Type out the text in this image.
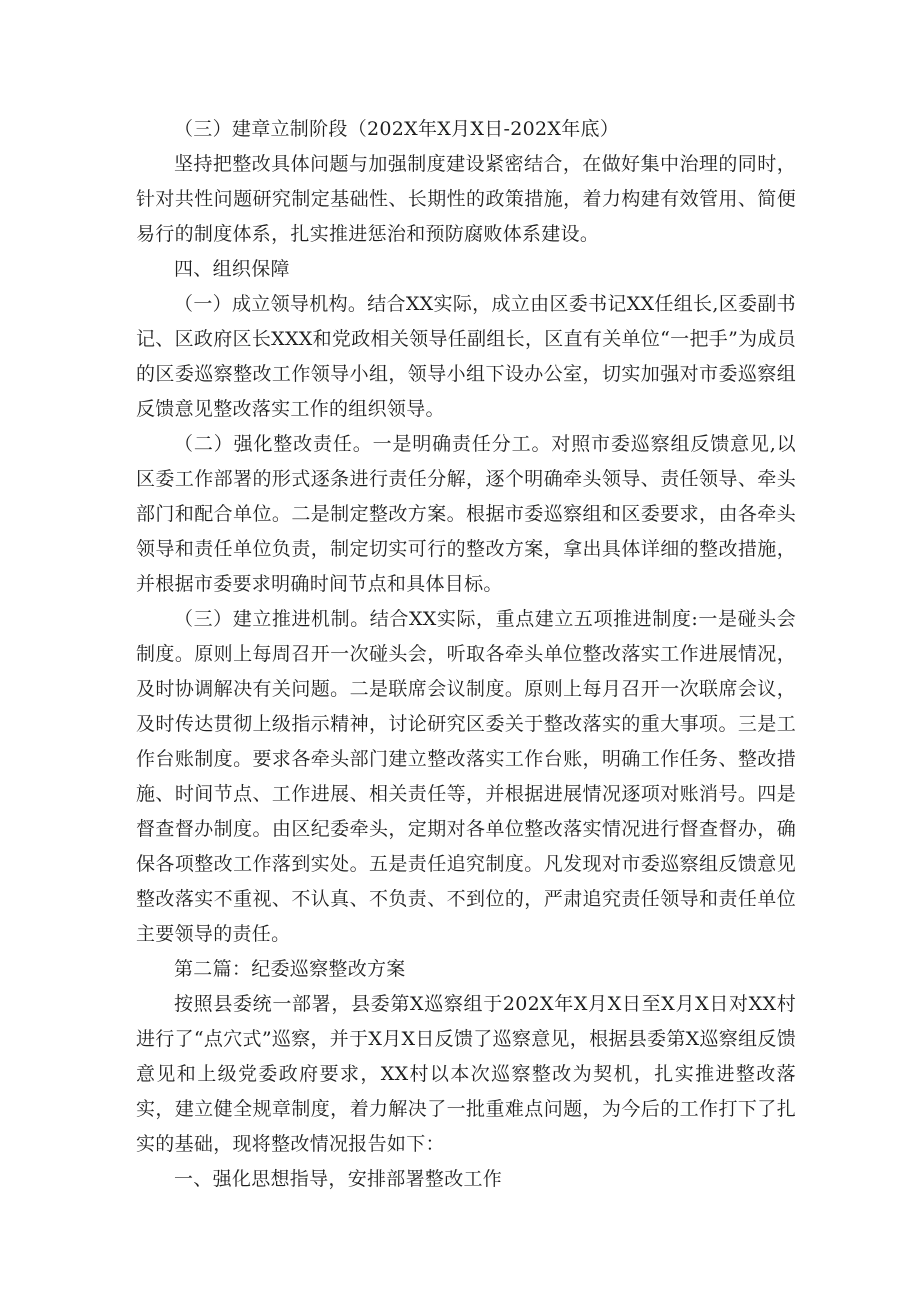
（三）建章立制阶段（202X年X月X日-202X年底）

坚持把整改具体问题与加强制度建设紧密结合，在做好集中治理的同时，针对共性问题研究制定基础性、长期性的政策措施，着力构建有效管用、简便易行的制度体系，扎实推进惩治和预防腐败体系建设。

四、组织保障

（一）成立领导机构。结合XX实际，成立由区委书记XX任组长,区委副书记、区政府区长XXX和党政相关领导任副组长，区直有关单位“一把手”为成员的区委巡察整改工作领导小组，领导小组下设办公室，切实加强对市委巡察组反馈意见整改落实工作的组织领导。

（二）强化整改责任。一是明确责任分工。对照市委巡察组反馈意见,以区委工作部署的形式逐条进行责任分解，逐个明确牵头领导、责任领导、牵头部门和配合单位。二是制定整改方案。根据市委巡察组和区委要求，由各牵头领导和责任单位负责，制定切实可行的整改方案，拿出具体详细的整改措施，并根据市委要求明确时间节点和具体目标。

（三）建立推进机制。结合XX实际，重点建立五项推进制度:一是碰头会制度。原则上每周召开一次碰头会，听取各牵头单位整改落实工作进展情况，及时协调解决有关问题。二是联席会议制度。原则上每月召开一次联席会议，及时传达贯彻上级指示精神，讨论研究区委关于整改落实的重大事项。三是工作台账制度。要求各牵头部门建立整改落实工作台账，明确工作任务、整改措施、时间节点、工作进展、相关责任等，并根据进展情况逐项对账消号。四是督查督办制度。由区纪委牵头，定期对各单位整改落实情况进行督查督办，确保各项整改工作落到实处。五是责任追究制度。凡发现对市委巡察组反馈意见整改落实不重视、不认真、不负责、不到位的，严肃追究责任领导和责任单位主要领导的责任。

第二篇：纪委巡察整改方案

按照县委统一部署，县委第X巡察组于202X年X月X日至X月X日对XX村进行了“点穴式”巡察，并于X月X日反馈了巡察意见，根据县委第X巡察组反馈意见和上级党委政府要求，XX村以本次巡察整改为契机，扎实推进整改落实，建立健全规章制度，着力解决了一批重难点问题，为今后的工作打下了扎实的基础，现将整改情况报告如下：

一、强化思想指导，安排部署整改工作
